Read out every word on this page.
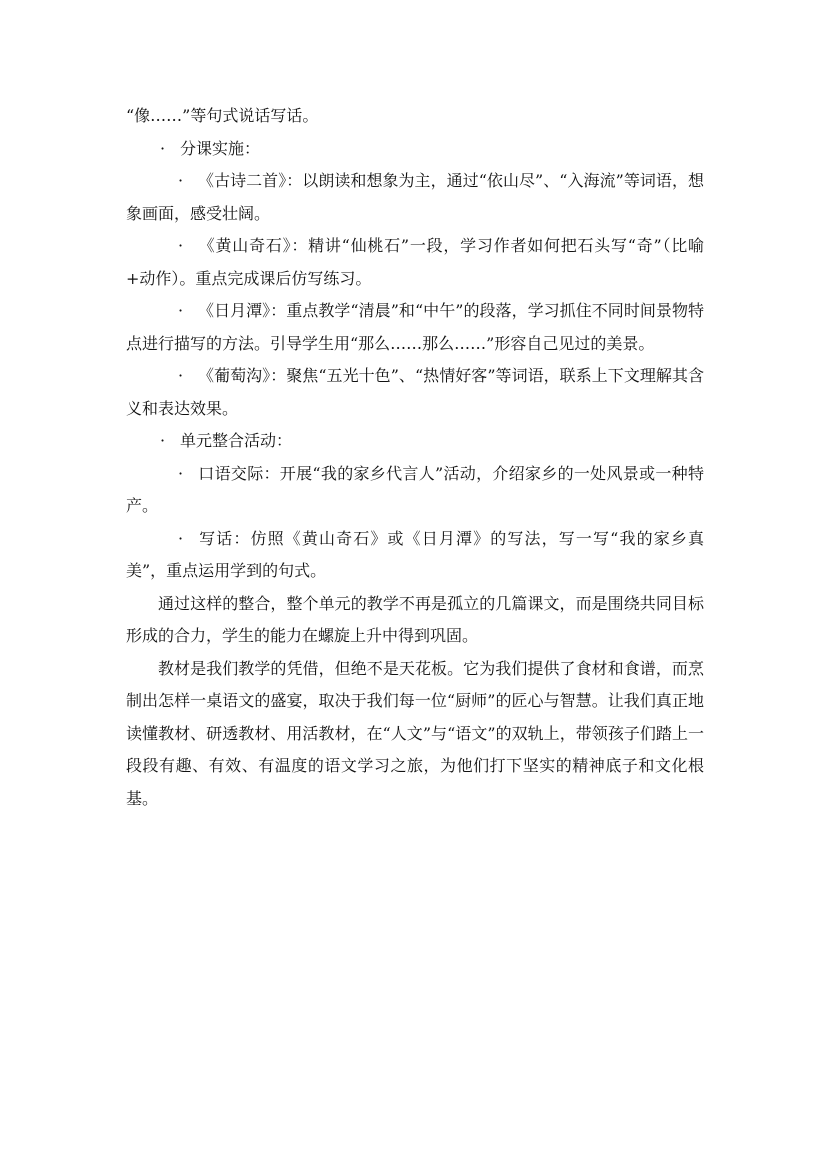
“像……”等句式说话写话。

· 分课实施：

· 《古诗二首》：以朗读和想象为主，通过“依山尽”、“入海流”等词语，想象画面，感受壮阔。

· 《黄山奇石》：精讲“仙桃石”一段，学习作者如何把石头写“奇”（比喻+动作）。重点完成课后仿写练习。

· 《日月潭》：重点教学“清晨”和“中午”的段落，学习抓住不同时间景物特点进行描写的方法。引导学生用“那么……那么……”形容自己见过的美景。

· 《葡萄沟》：聚焦“五光十色”、“热情好客”等词语，联系上下文理解其含义和表达效果。

· 单元整合活动：

· 口语交际：开展“我的家乡代言人”活动，介绍家乡的一处风景或一种特产。

· 写话：仿照《黄山奇石》或《日月潭》的写法，写一写“我的家乡真美”，重点运用学到的句式。

通过这样的整合，整个单元的教学不再是孤立的几篇课文，而是围绕共同目标形成的合力，学生的能力在螺旋上升中得到巩固。

教材是我们教学的凭借，但绝不是天花板。它为我们提供了食材和食谱，而烹制出怎样一桌语文的盛宴，取决于我们每一位“厨师”的匠心与智慧。让我们真正地读懂教材、研透教材、用活教材，在“人文”与“语文”的双轨上，带领孩子们踏上一段段有趣、有效、有温度的语文学习之旅，为他们打下坚实的精神底子和文化根基。
